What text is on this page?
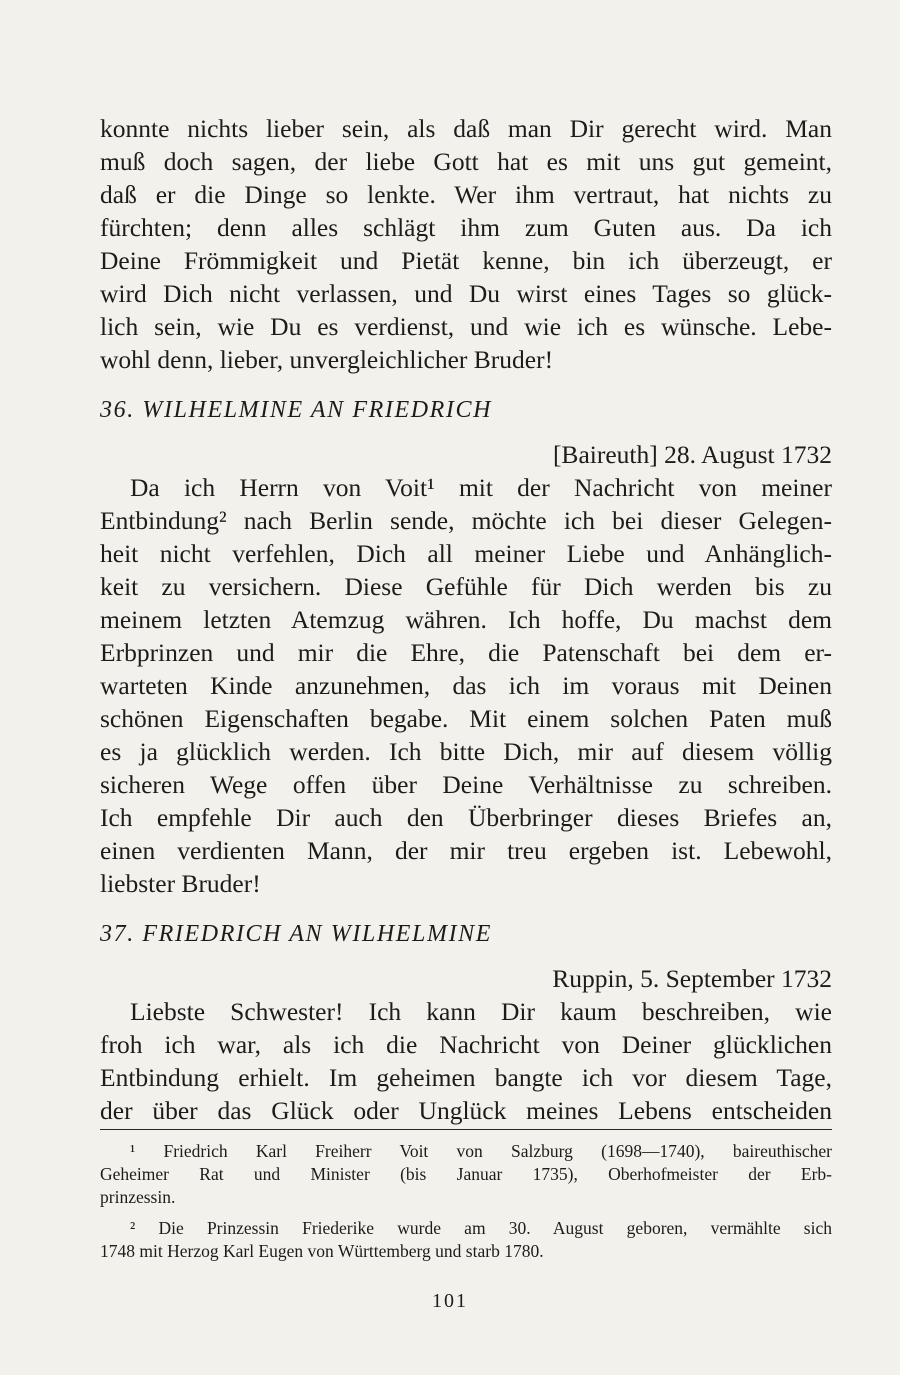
konnte nichts lieber sein, als daß man Dir gerecht wird. Man
muß doch sagen, der liebe Gott hat es mit uns gut gemeint,
daß er die Dinge so lenkte. Wer ihm vertraut, hat nichts zu
fürchten; denn alles schlägt ihm zum Guten aus. Da ich
Deine Frömmigkeit und Pietät kenne, bin ich überzeugt, er
wird Dich nicht verlassen, und Du wirst eines Tages so glück-
lich sein, wie Du es verdienst, und wie ich es wünsche. Lebe-
wohl denn, lieber, unvergleichlicher Bruder!
36. WILHELMINE AN FRIEDRICH
[Baireuth] 28. August 1732
Da ich Herrn von Voit¹ mit der Nachricht von meiner
Entbindung² nach Berlin sende, möchte ich bei dieser Gelegen-
heit nicht verfehlen, Dich all meiner Liebe und Anhänglich-
keit zu versichern. Diese Gefühle für Dich werden bis zu
meinem letzten Atemzug währen. Ich hoffe, Du machst dem
Erbprinzen und mir die Ehre, die Patenschaft bei dem er-
warteten Kinde anzunehmen, das ich im voraus mit Deinen
schönen Eigenschaften begabe. Mit einem solchen Paten muß
es ja glücklich werden. Ich bitte Dich, mir auf diesem völlig
sicheren Wege offen über Deine Verhältnisse zu schreiben.
Ich empfehle Dir auch den Überbringer dieses Briefes an,
einen verdienten Mann, der mir treu ergeben ist. Lebewohl,
liebster Bruder!
37. FRIEDRICH AN WILHELMINE
Ruppin, 5. September 1732
Liebste Schwester! Ich kann Dir kaum beschreiben, wie
froh ich war, als ich die Nachricht von Deiner glücklichen
Entbindung erhielt. Im geheimen bangte ich vor diesem Tage,
der über das Glück oder Unglück meines Lebens entscheiden
¹ Friedrich Karl Freiherr Voit von Salzburg (1698—1740), baireuthischer
Geheimer Rat und Minister (bis Januar 1735), Oberhofmeister der Erb-
prinzessin.
² Die Prinzessin Friederike wurde am 30. August geboren, vermählte sich
1748 mit Herzog Karl Eugen von Württemberg und starb 1780.
101
